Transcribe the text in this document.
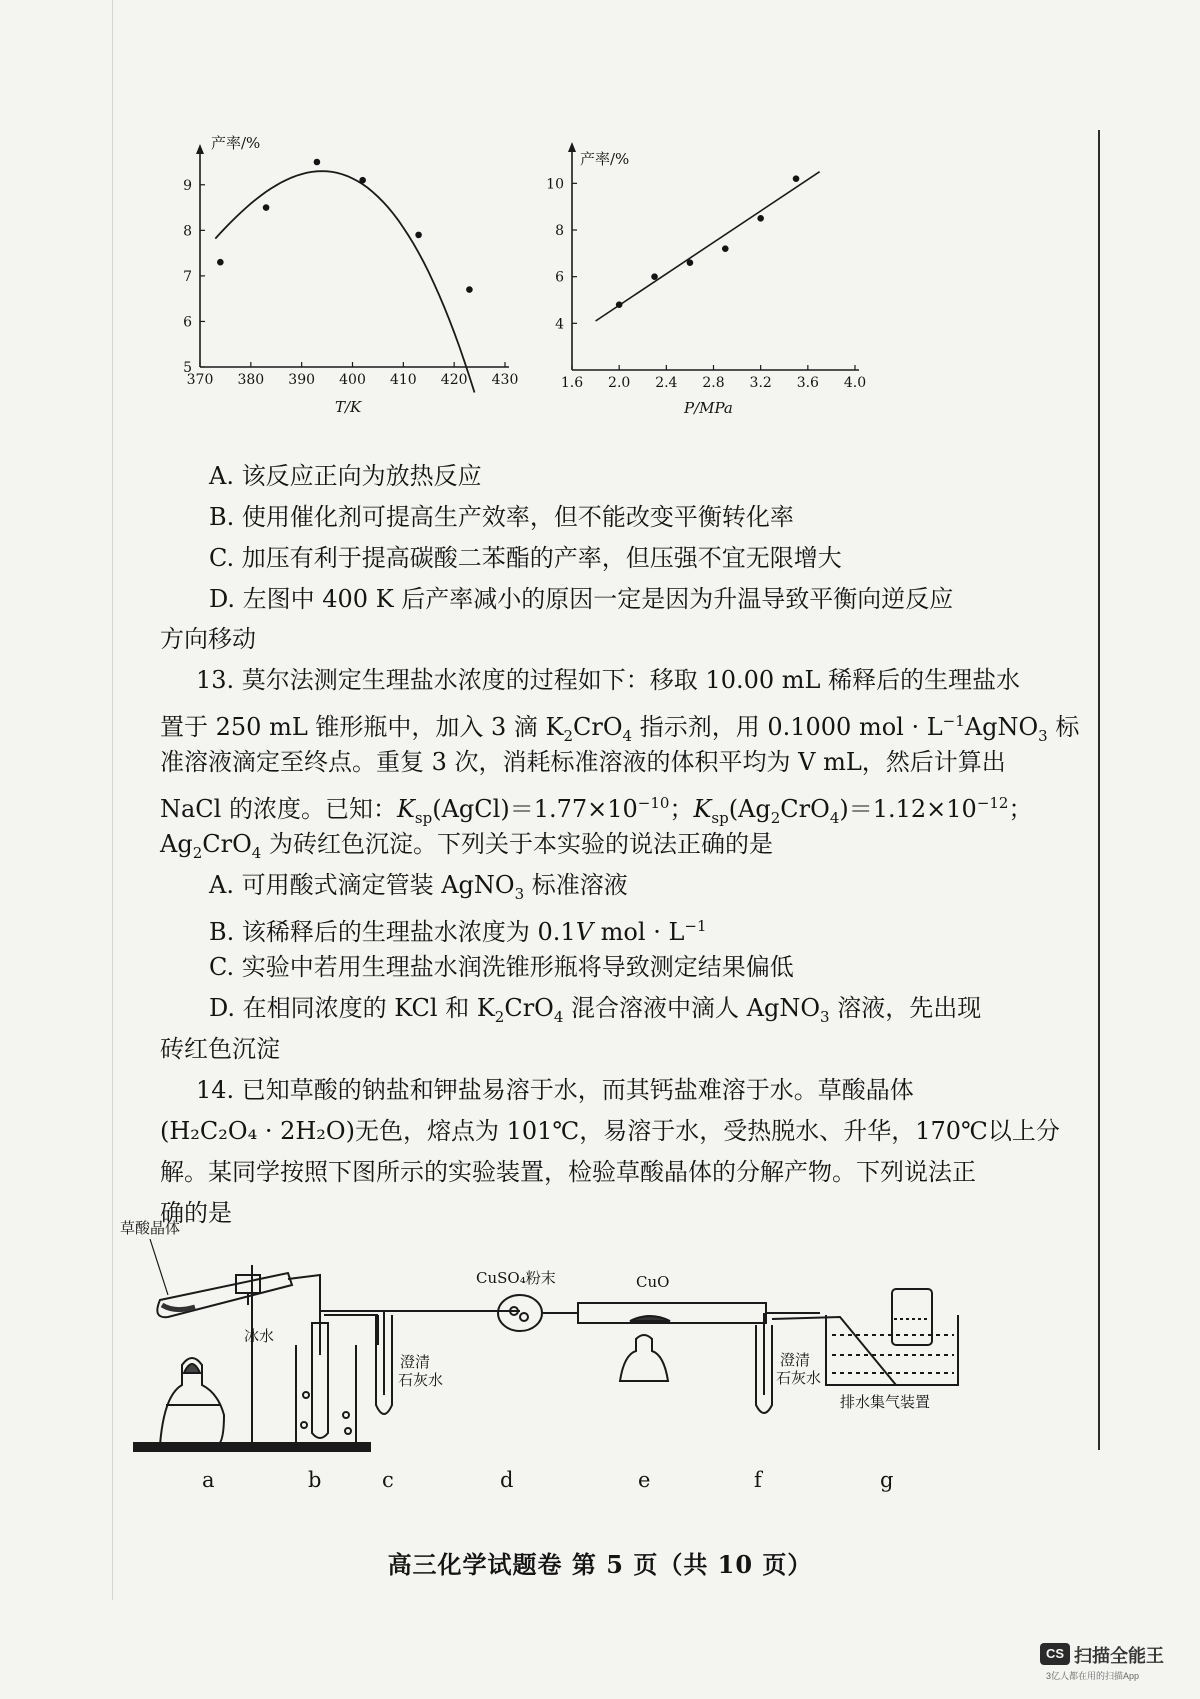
370 380 390 400 410 420 430
5
6
7
8
9
产率/%
T/K
1.6 2.0 2.4 2.8 3.2 3.6 4.0
4
6
8
10
产率/%
P/MPa
A. 该反应正向为放热反应
B. 使用催化剂可提高生产效率，但不能改变平衡转化率
C. 加压有利于提高碳酸二苯酯的产率，但压强不宜无限增大
D. 左图中 400 K 后产率减小的原因一定是因为升温导致平衡向逆反应
方向移动
13. 莫尔法测定生理盐水浓度的过程如下：移取 10.00 mL 稀释后的生理盐水
置于 250 mL 锥形瓶中，加入 3 滴 $K_2CrO_4$ 指示剂，用 0.1000 mol · $L^{-1}AgNO_3$ 标
准溶液滴定至终点。重复 3 次，消耗标准溶液的体积平均为 V mL，然后计算出
NaCl 的浓度。已知：$K_{sp}(AgCl)=1.77\times 10^{-10}$；$K_{sp}(Ag_2CrO_4)=1.12\times 10^{-12}$；
$Ag_2CrO_4$ 为砖红色沉淀。下列关于本实验的说法正确的是
A. 可用酸式滴定管装 AgNO$_3$ 标准溶液
B. 该稀释后的生理盐水浓度为 0.1V mol · $L^{-1}$
C. 实验中若用生理盐水润洗锥形瓶将导致测定结果偏低
D. 在相同浓度的 KCl 和 $K_2CrO_4$ 混合溶液中滴人 AgNO$_3$ 溶液，先出现
砖红色沉淀
14. 已知草酸的钠盐和钾盐易溶于水，而其钙盐难溶于水。草酸晶体
(H₂C₂O₄ · 2H₂O)无色，熔点为 101℃，易溶于水，受热脱水、升华，170℃以上分
解。某同学按照下图所示的实验装置，检验草酸晶体的分解产物。下列说法正
确的是
草酸晶体
冰水
澄清
石灰水
CuSO₄粉末	CuO
澄清
石灰水
排水集气装置
a	b	c	d	e	f	g
高三化学试题卷 第 5 页（共 10 页）
CS 扫描全能王
3亿人都在用的扫描App
